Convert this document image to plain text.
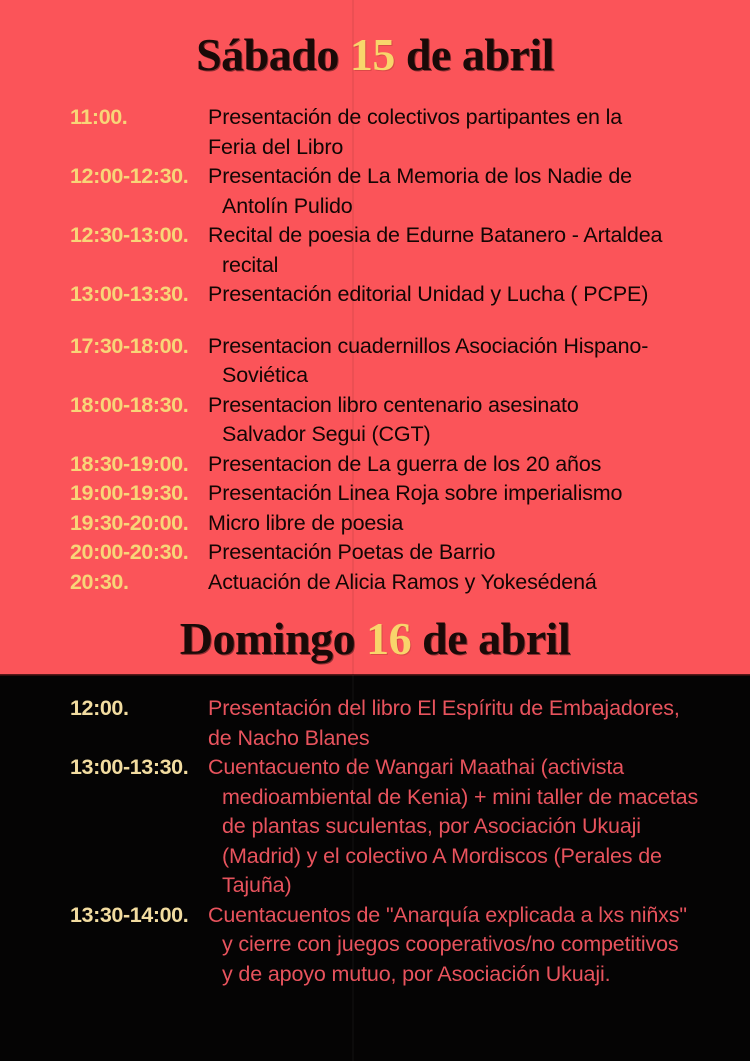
Sábado 15 de abril
11:00.	Presentación de colectivos partipantes en la
Feria del Libro
12:00-12:30. Presentación de La Memoria de los Nadie de
Antolín Pulido
12:30-13:00. Recital de poesia de Edurne Batanero - Artaldea
recital
13:00-13:30. Presentación editorial Unidad y Lucha ( PCPE)
17:30-18:00. Presentacion cuadernillos Asociación Hispano-
Soviética
18:00-18:30. Presentacion libro centenario asesinato
Salvador Segui (CGT)
18:30-19:00. Presentacion de La guerra de los 20 años
19:00-19:30. Presentación Linea Roja sobre imperialismo
19:30-20:00. Micro libre de poesia
20:00-20:30. Presentación Poetas de Barrio
20:30.	Actuación de Alicia Ramos y Yokesédená
Domingo 16 de abril
12:00.	Presentación del libro El Espíritu de Embajadores,
de Nacho Blanes
13:00-13:30. Cuentacuento de Wangari Maathai (activista
medioambiental de Kenia) + mini taller de macetas
de plantas suculentas, por Asociación Ukuaji
(Madrid) y el colectivo A Mordiscos (Perales de
Tajuña)
13:30-14:00. Cuentacuentos de "Anarquía explicada a lxs niñxs"
y cierre con juegos cooperativos/no competitivos
y de apoyo mutuo, por Asociación Ukuaji.
